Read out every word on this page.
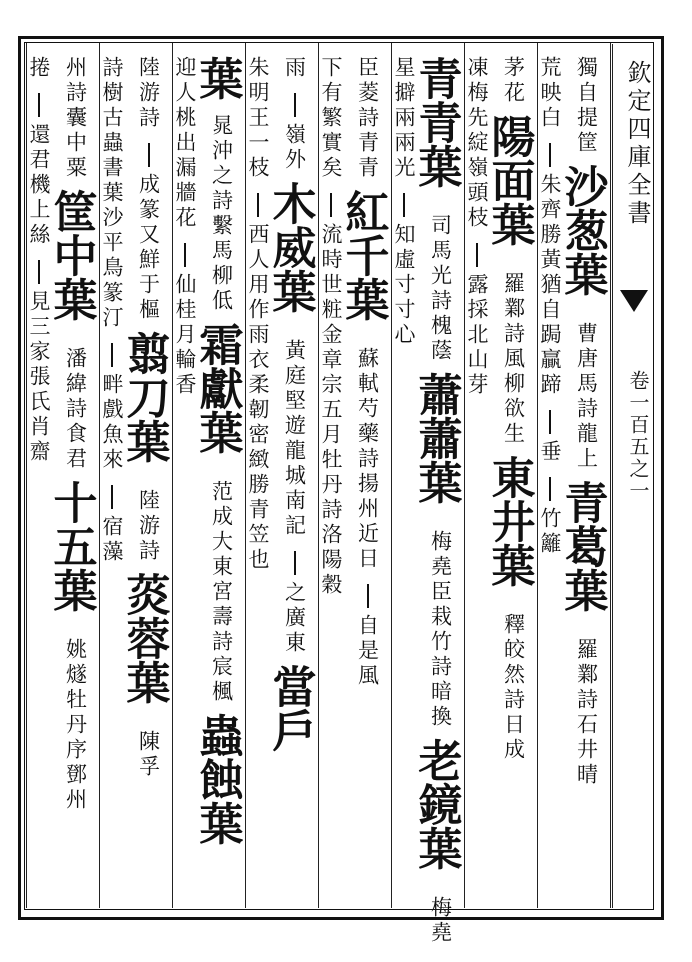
欽定四庫全書
卷一百五之一
獨自提筐
沙葱葉
曹唐馬詩龍上
青葛葉
羅鄴詩石井晴
荒映白
朱齊勝黃猶自跼贏蹄
垂
竹籬
茅花
陽面葉
羅鄴詩風柳欲生
東井葉
釋皎然詩日成
凍梅先綻嶺頭枝
露採北山芽
青青葉
司馬光詩槐蔭
蕭蕭葉
梅堯臣栽竹詩暗換
老鏡葉
梅堯
星擗兩兩光
知虛寸寸心
臣菱詩青青
紅千葉
蘇軾芍藥詩揚州近日
自是風
下有繁實矣
流時世粧金章宗五月牡丹詩洛陽穀
雨
嶺外
木威葉
黃庭堅遊龍城南記
之廣東
當戶
朱明王一枝
西人用作雨衣柔韌密緻勝青笠也
葉
晁沖之詩繫馬柳低
霜獻葉
范成大東宮壽詩宸楓
蟲蝕葉
迎人桃出漏牆花
仙桂月輪香
陸游詩
成篆又鮮于樞
翦刀葉
陸游詩
菼蓉葉
陳孚
詩樹古蟲書葉沙平鳥篆汀
畔戲魚來
宿藻
州詩囊中粟
筐中葉
潘緯詩食君
十五葉
姚燧牡丹序鄧州
捲
還君機上絲
見三家張氏肖齋
